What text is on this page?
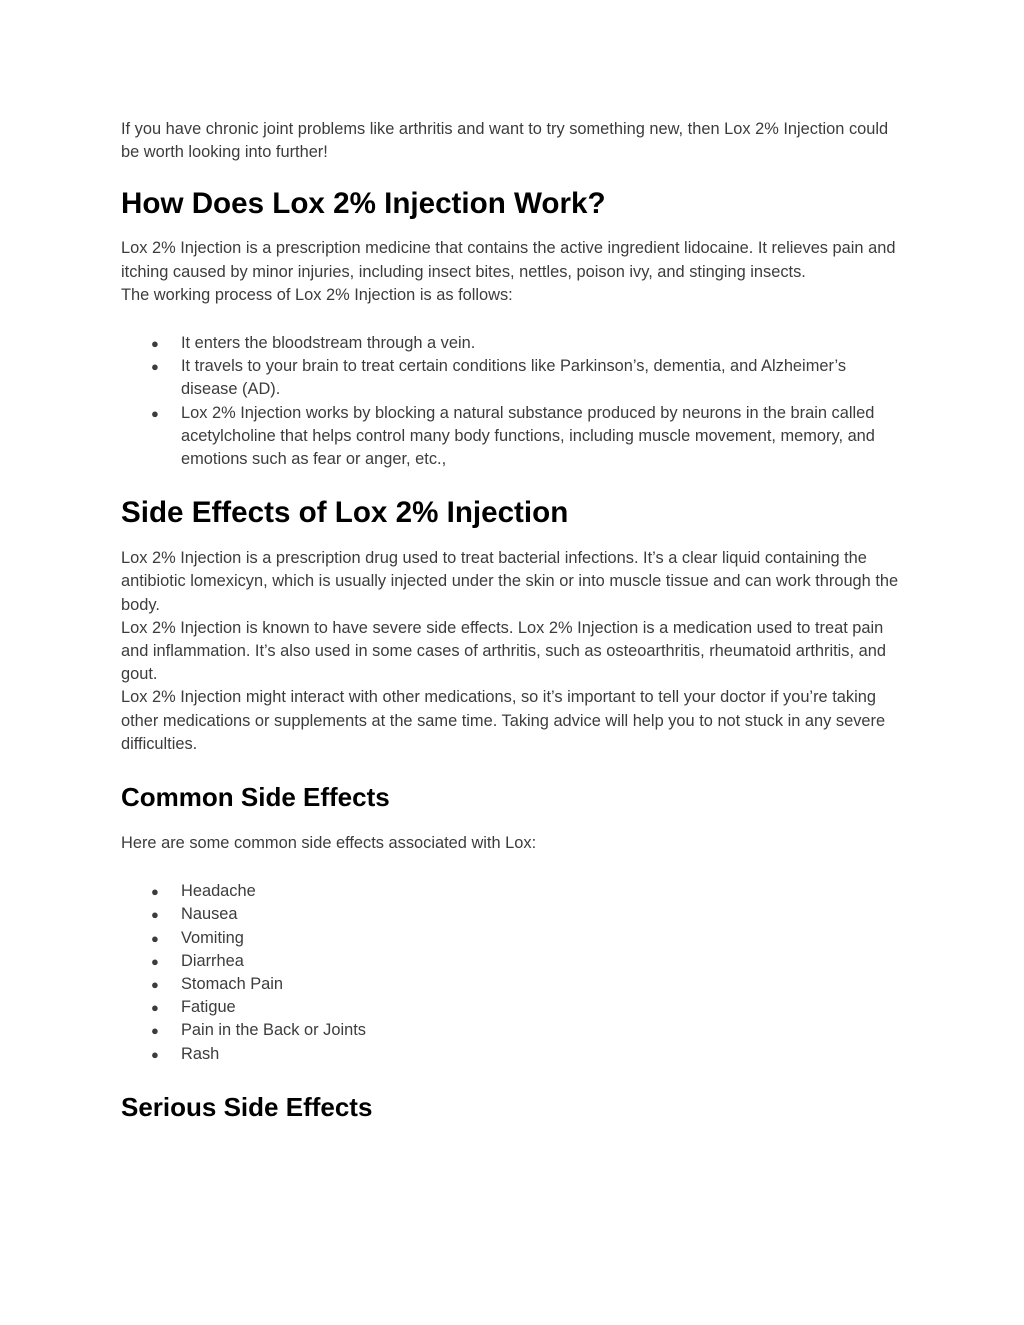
If you have chronic joint problems like arthritis and want to try something new, then Lox 2% Injection could be worth looking into further!

How Does Lox 2% Injection Work?

Lox 2% Injection is a prescription medicine that contains the active ingredient lidocaine. It relieves pain and itching caused by minor injuries, including insect bites, nettles, poison ivy, and stinging insects.

The working process of Lox 2% Injection is as follows:

● It enters the bloodstream through a vein.
● It travels to your brain to treat certain conditions like Parkinson’s, dementia, and Alzheimer’s disease (AD).
● Lox 2% Injection works by blocking a natural substance produced by neurons in the brain called acetylcholine that helps control many body functions, including muscle movement, memory, and emotions such as fear or anger, etc.,
Side Effects of Lox 2% Injection

Lox 2% Injection is a prescription drug used to treat bacterial infections. It’s a clear liquid containing the antibiotic lomexicyn, which is usually injected under the skin or into muscle tissue and can work through the body.

Lox 2% Injection is known to have severe side effects. Lox 2% Injection is a medication used to treat pain and inflammation. It’s also used in some cases of arthritis, such as osteoarthritis, rheumatoid arthritis, and gout.

Lox 2% Injection might interact with other medications, so it’s important to tell your doctor if you’re taking other medications or supplements at the same time. Taking advice will help you to not stuck in any severe difficulties.

Common Side Effects

Here are some common side effects associated with Lox:

● Headache
● Nausea
● Vomiting
● Diarrhea
● Stomach Pain
● Fatigue
● Pain in the Back or Joints
● Rash
Serious Side Effects
